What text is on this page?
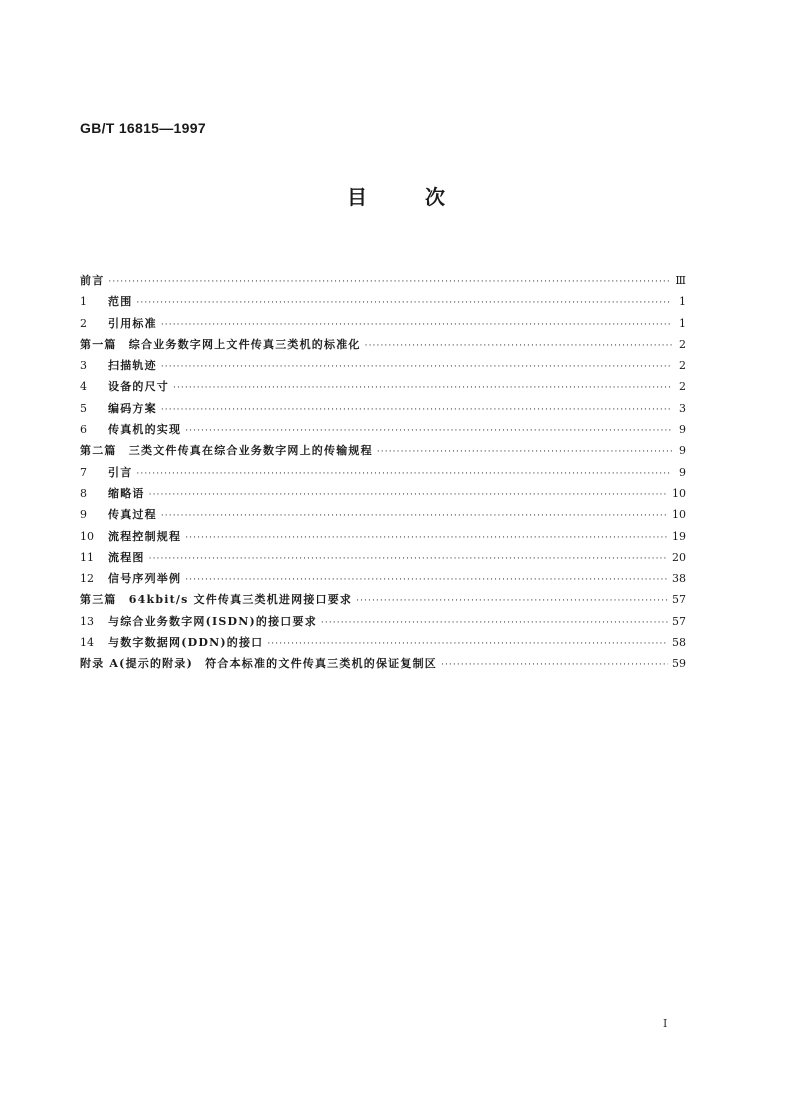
GB/T 16815—1997
目	次
前言 ·····	Ⅲ
1	范围 ·····	1
2	引用标准 ·····	1
第一篇　综合业务数字网上文件传真三类机的标准化 ·····	2
3	扫描轨迹 ·····	2
4	设备的尺寸 ·····	2
5	编码方案 ·····	3
6	传真机的实现 ·····	9
第二篇　三类文件传真在综合业务数字网上的传输规程 ·····	9
7	引言 ·····	9
8	缩略语 ·····	10
9	传真过程 ·····	10
10	流程控制规程 ·····	19
11	流程图 ·····	20
12	信号序列举例 ·····	38
第三篇　64kbit/s 文件传真三类机进网接口要求 ·····	57
13	与综合业务数字网(ISDN)的接口要求 ·····	57
14	与数字数据网(DDN)的接口 ·····	58
附录 A(提示的附录)　符合本标准的文件传真三类机的保证复制区 ·····	59
I
